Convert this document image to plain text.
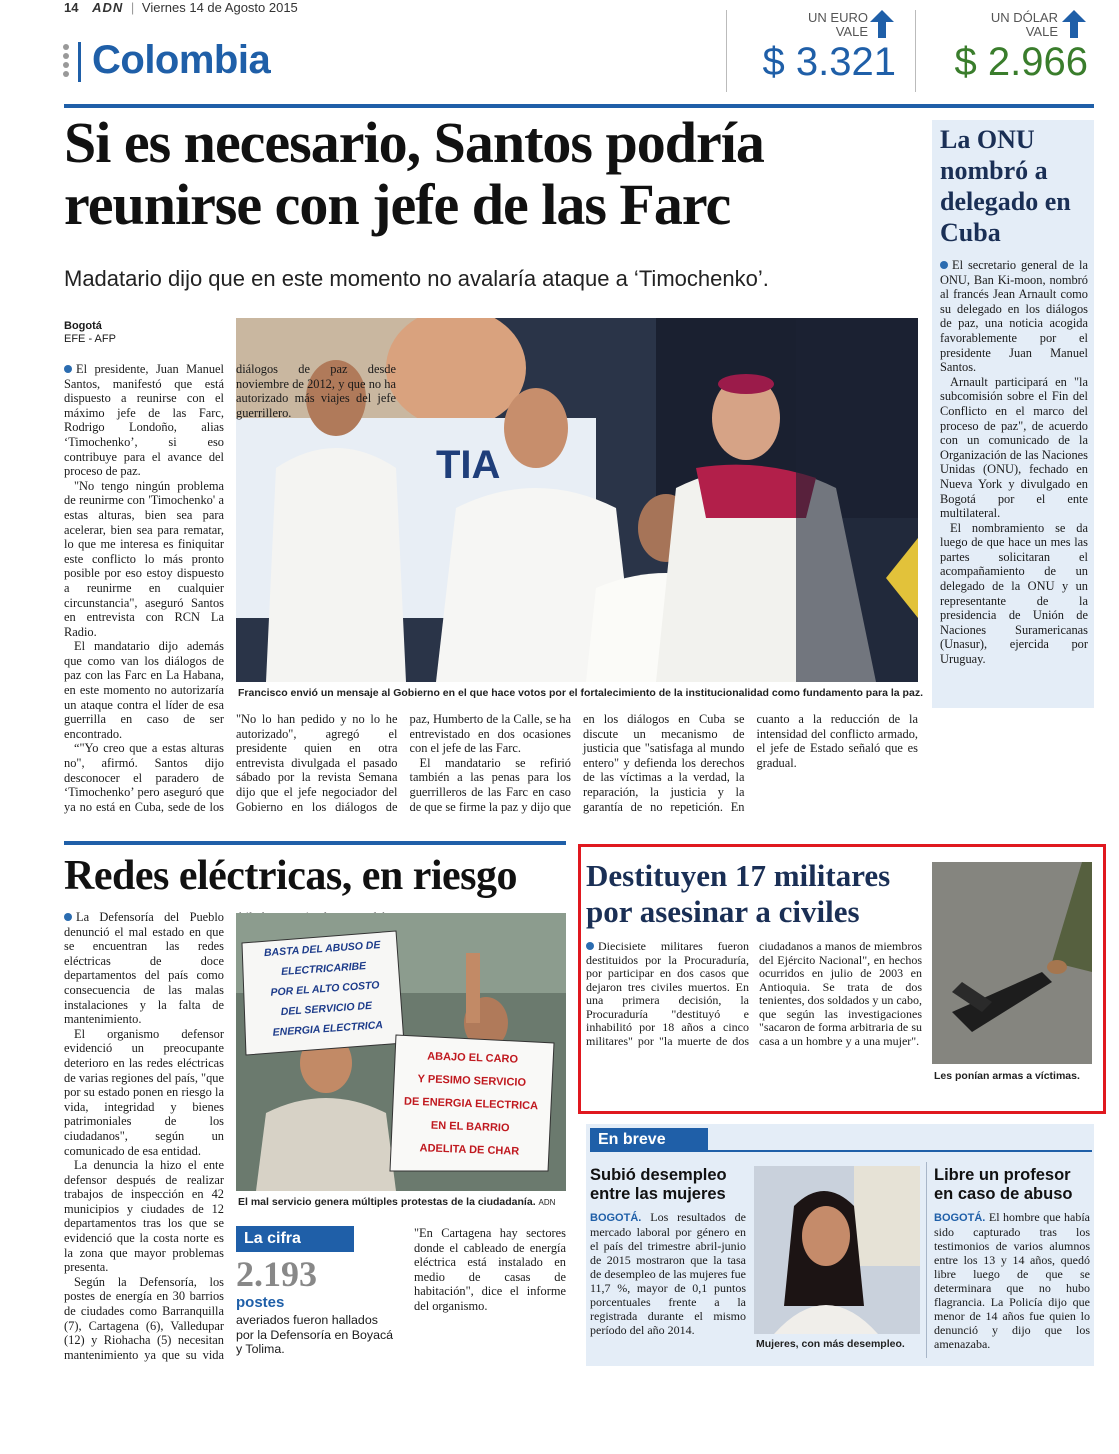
14 ADN | Viernes 14 de Agosto 2015
Colombia
UN EURO
VALE
$ 3.321
UN DÓLAR
VALE
$ 2.966
Si es necesario, Santos podría reunirse con jefe de las Farc
Madatario dijo que en este momento no avalaría ataque a ‘Timochenko’.
Bogotá
EFE - AFP
TIA
Francisco envió un mensaje al Gobierno en el que hace votos por el fortalecimiento de la institucionalidad como fundamento para la paz.

El presidente, Juan Manuel Santos, manifestó que está dispuesto a reunirse con el máximo jefe de las Farc, Rodrigo Londoño, alias ‘Timochenko’, si eso contribuye para el avance del proceso de paz.

"No tengo ningún problema de reunirme con 'Timochenko' a estas alturas, bien sea para acelerar, bien sea para rematar, lo que me interesa es finiquitar este conflicto lo más pronto posible por eso estoy dispuesto a reunirme en cualquier circunstancia", aseguró Santos en entrevista con RCN La Radio.

El mandatario dijo además que como van los diálogos de paz con las Farc en La Habana, en este momento no autorizaría un ataque contra el líder de esa guerrilla en caso de ser encontrado.

“"Yo creo que a estas alturas no", afirmó. Santos dijo desconocer el paradero de ‘Timochenko’ pero aseguró que ya no está en Cuba, sede de los diálogos de paz desde noviembre de 2012, y que no ha autorizado más viajes del jefe guerrillero.

"No lo han pedido y no lo he autorizado", agregó el presidente quien en otra entrevista divulgada el pasado sábado por la revista Semana dijo que el jefe negociador del Gobierno en los diálogos de paz, Humberto de la Calle, se ha entrevistado en dos ocasiones con el jefe de las Farc.

El mandatario se refirió también a las penas para los guerrilleros de las Farc en caso de que se firme la paz y dijo que en los diálogos en Cuba se discute un mecanismo de justicia que "satisfaga al mundo entero" y defienda los derechos de las víctimas a la verdad, la reparación, la justicia y la garantía de no repetición. En cuanto a la reducción de la intensidad del conflicto armado, el jefe de Estado señaló que es gradual.

La ONU nombró a delegado en Cuba

El secretario general de la ONU, Ban Ki-moon, nombró al francés Jean Arnault como su delegado en los diálogos de paz, una noticia acogida favorablemente por el presidente Juan Manuel Santos.

Arnault participará en "la subcomisión sobre el Fin del Conflicto en el marco del proceso de paz", de acuerdo con un comunicado de la Organización de las Naciones Unidas (ONU), fechado en Nueva York y divulgado en Bogotá por el ente multilateral.

El nombramiento se da luego de que hace un mes las partes solicitaran el acompañamiento de un delegado de la ONU y un representante de la presidencia de Unión de Naciones Suramericanas (Unasur), ejercida por Uruguay.

Redes eléctricas, en riesgo

La Defensoría del Pueblo denunció el mal estado en que se encuentran las redes eléctricas de doce departamentos del país como consecuencia de las malas instalaciones y la falta de mantenimiento.

El organismo defensor evidenció un preocupante deterioro en las redes eléctricas de varias regiones del país, "que por su estado ponen en riesgo la vida, integridad y bienes patrimoniales de los ciudadanos", según un comunicado de esa entidad.

La denuncia la hizo el ente defensor después de realizar trabajos de inspección en 42 municipios y ciudades de 12 departamentos tras los que se evidenció que la costa norte es la zona que mayor problemas presenta.

Según la Defensoría, los postes de energía en 30 barrios de ciudades como Barranquilla (7), Cartagena (6), Valledupar (12) y Riohacha (5) necesitan mantenimiento ya que su vida

BASTA DEL ABUSO DE
ELECTRICARIBE
POR EL ALTO COSTO
DEL SERVICIO DE
ENERGIA ELECTRICA
ABAJO EL CARO
Y PESIMO SERVICIO
DE ENERGIA ELECTRICA
EN EL BARRIO
ADELITA DE CHAR
El mal servicio genera múltiples protestas de la ciudadanía. ADN
La cifra
2.193
postes
averiados fueron hallados por la Defensoría en Boyacá y Tolima.

"En Cartagena hay sectores donde el cableado de energía eléctrica está instalado en medio de casas de habitación", dice el informe del organismo.

Destituyen 17 militares por asesinar a civiles

Diecisiete militares fueron destituidos por la Procuraduría, por participar en dos casos que dejaron tres civiles muertos. En una primera decisión, la Procuraduría "destituyó e inhabilitó por 18 años a cinco militares" por "la muerte de dos ciudadanos a manos de miembros del Ejército Nacional", en hechos ocurridos en julio de 2003 en Antioquia. Se trata de dos tenientes, dos soldados y un cabo, que según las investigaciones "sacaron de forma arbitraria de su casa a un hombre y a una mujer".

Les ponían armas a víctimas.
En breve
Subió desempleo entre las mujeres

BOGOTÁ. Los resultados de mercado laboral por género en el país del trimestre abril-junio de 2015 mostraron que la tasa de desempleo de las mujeres fue 11,7 %, mayor de 0,1 puntos porcentuales frente a la registrada durante el mismo período del año 2014.

Mujeres, con más desempleo.
Libre un profesor en caso de abuso

BOGOTÁ. El hombre que había sido capturado tras los testimonios de varios alumnos entre los 13 y 14 años, quedó libre luego de que se determinara que no hubo flagrancia. La Policía dijo que menor de 14 años fue quien lo denunció y dijo que los amenazaba.
